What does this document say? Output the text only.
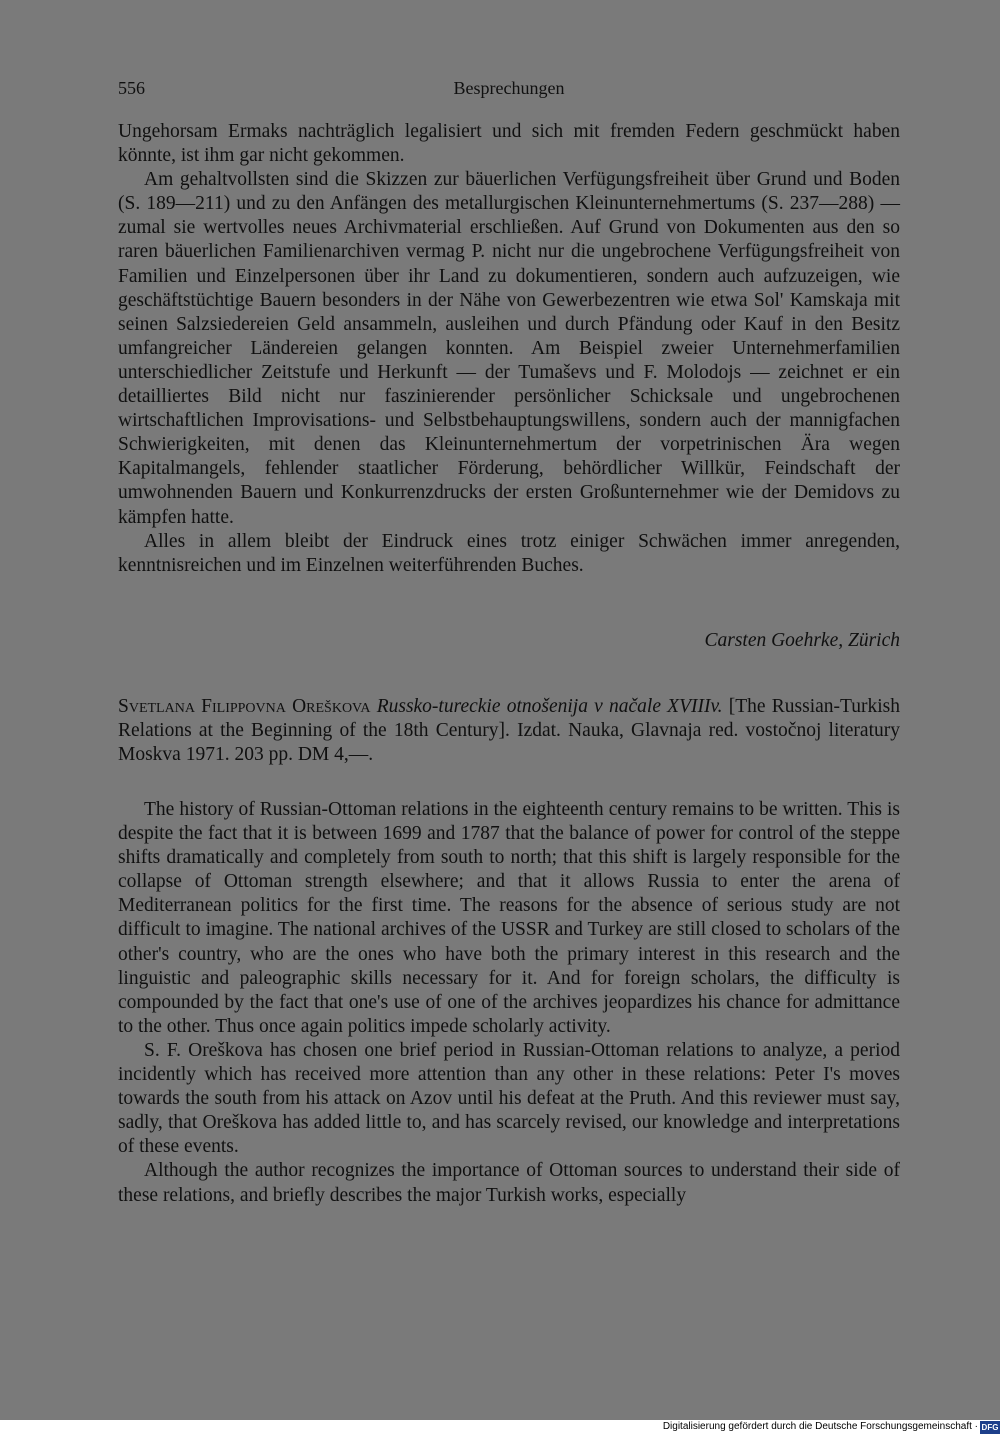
556	Besprechungen

Ungehorsam Ermaks nachträglich legalisiert und sich mit fremden Federn geschmückt haben könnte, ist ihm gar nicht gekommen.

Am gehaltvollsten sind die Skizzen zur bäuerlichen Verfügungsfreiheit über Grund und Boden (S. 189—211) und zu den Anfängen des metallurgischen Kleinunternehmertums (S. 237—288) — zumal sie wertvolles neues Archivmaterial erschließen. Auf Grund von Dokumenten aus den so raren bäuerlichen Familienarchiven vermag P. nicht nur die ungebrochene Verfügungsfreiheit von Familien und Einzelpersonen über ihr Land zu dokumentieren, sondern auch aufzuzeigen, wie geschäftstüchtige Bauern besonders in der Nähe von Gewerbezentren wie etwa Sol' Kamskaja mit seinen Salzsiedereien Geld ansammeln, ausleihen und durch Pfändung oder Kauf in den Besitz umfangreicher Ländereien gelangen konnten. Am Beispiel zweier Unternehmerfamilien unterschiedlicher Zeitstufe und Herkunft — der Tumaševs und F. Molodojs — zeichnet er ein detailliertes Bild nicht nur faszinierender persönlicher Schicksale und ungebrochenen wirtschaftlichen Improvisations- und Selbstbehauptungswillens, sondern auch der mannigfachen Schwierigkeiten, mit denen das Kleinunternehmertum der vorpetrinischen Ära wegen Kapitalmangels, fehlender staatlicher Förderung, behördlicher Willkür, Feindschaft der umwohnenden Bauern und Konkurrenzdrucks der ersten Großunternehmer wie der Demidovs zu kämpfen hatte.

Alles in allem bleibt der Eindruck eines trotz einiger Schwächen immer anregenden, kenntnisreichen und im Einzelnen weiterführenden Buches.

Carsten Goehrke, Zürich
Svetlana Filippovna Oreškova Russko-tureckie otnošenija v načale XVIIIv. [The Russian-Turkish Relations at the Beginning of the 18th Century]. Izdat. Nauka, Glavnaja red. vostočnoj literatury Moskva 1971. 203 pp. DM 4,—.

The history of Russian-Ottoman relations in the eighteenth century remains to be written. This is despite the fact that it is between 1699 and 1787 that the balance of power for control of the steppe shifts dramatically and completely from south to north; that this shift is largely responsible for the collapse of Ottoman strength elsewhere; and that it allows Russia to enter the arena of Mediterranean politics for the first time. The reasons for the absence of serious study are not difficult to imagine. The national archives of the USSR and Turkey are still closed to scholars of the other's country, who are the ones who have both the primary interest in this research and the linguistic and paleographic skills necessary for it. And for foreign scholars, the difficulty is compounded by the fact that one's use of one of the archives jeopardizes his chance for admittance to the other. Thus once again politics impede scholarly activity.

S. F. Oreškova has chosen one brief period in Russian-Ottoman relations to analyze, a period incidently which has received more attention than any other in these relations: Peter I's moves towards the south from his attack on Azov until his defeat at the Pruth. And this reviewer must say, sadly, that Oreškova has added little to, and has scarcely revised, our knowledge and interpretations of these events.

Although the author recognizes the importance of Ottoman sources to understand their side of these relations, and briefly describes the major Turkish works, especially

Digitalisierung gefördert durch die Deutsche Forschungsgemeinschaft · DFG
